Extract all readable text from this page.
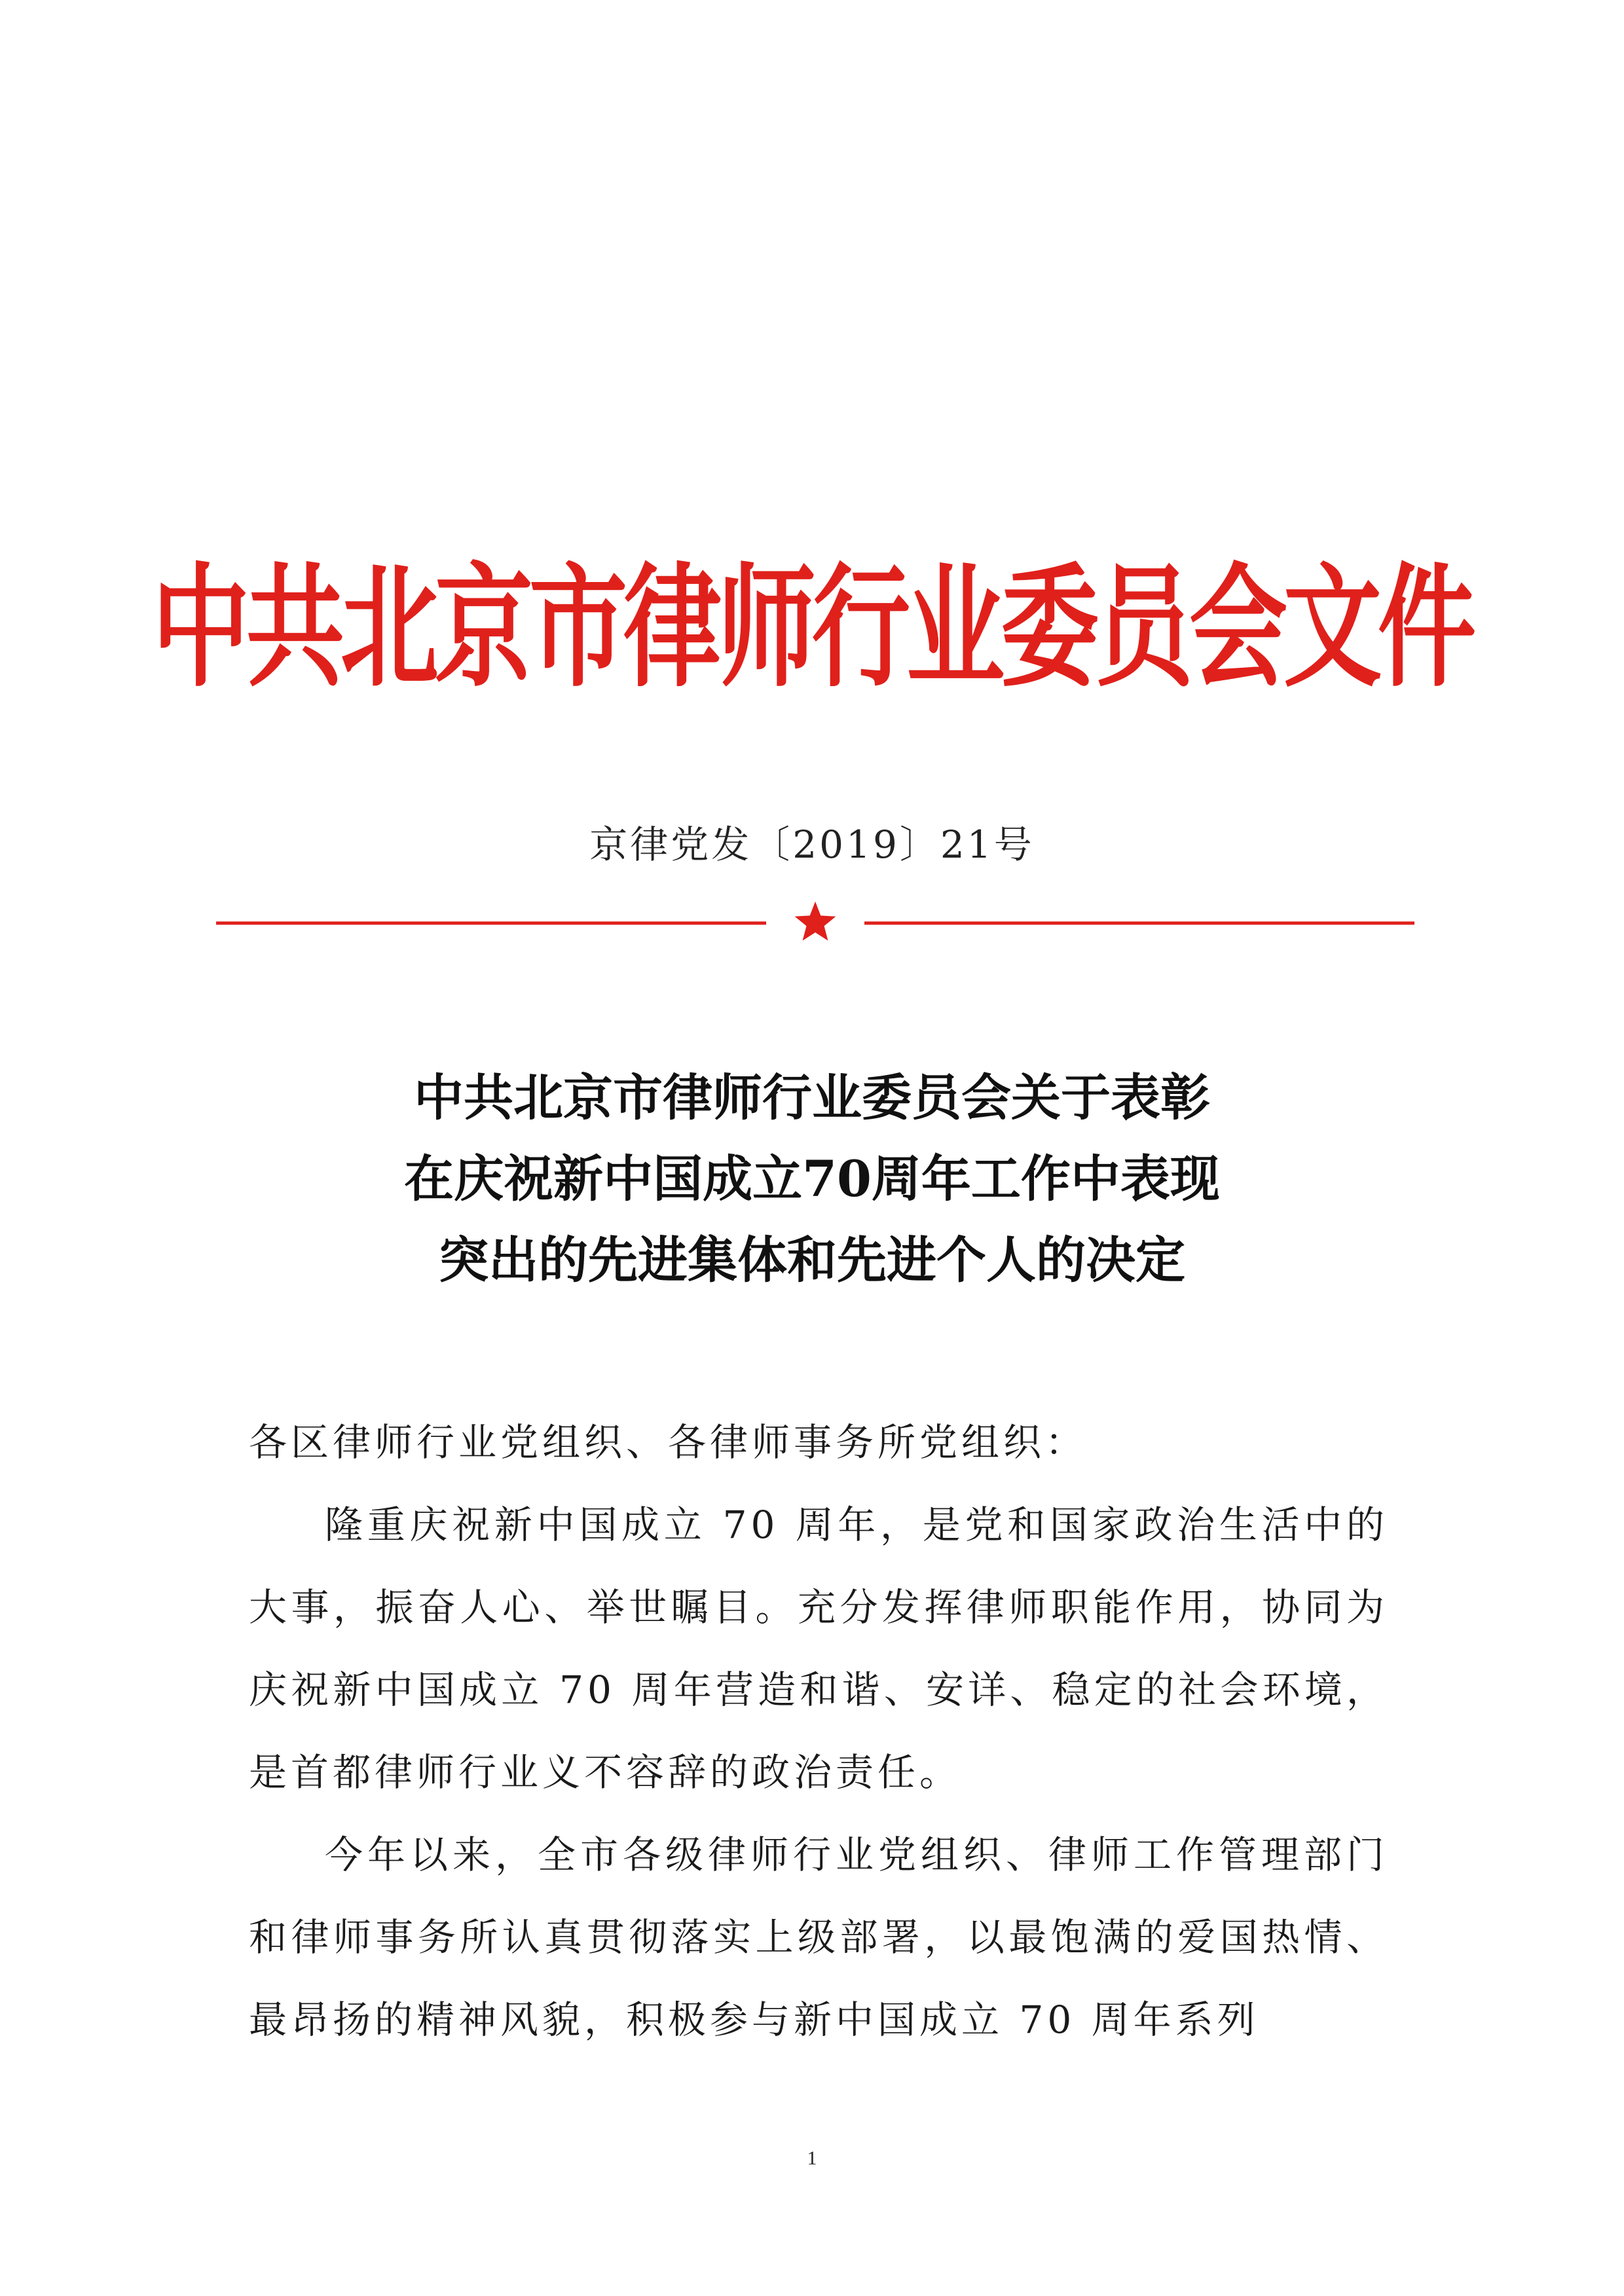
中共北京市律师行业委员会文件
京律党发〔2019〕21号
中共北京市律师行业委员会关于表彰
在庆祝新中国成立70周年工作中表现
突出的先进集体和先进个人的决定

各区律师行业党组织、各律师事务所党组织：

隆重庆祝新中国成立 70 周年，是党和国家政治生活中的大事，振奋人心、举世瞩目。充分发挥律师职能作用，协同为庆祝新中国成立 70 周年营造和谐、安详、稳定的社会环境，是首都律师行业义不容辞的政治责任。

今年以来，全市各级律师行业党组织、律师工作管理部门和律师事务所认真贯彻落实上级部署，以最饱满的爱国热情、最昂扬的精神风貌，积极参与新中国成立 70 周年系列

1
